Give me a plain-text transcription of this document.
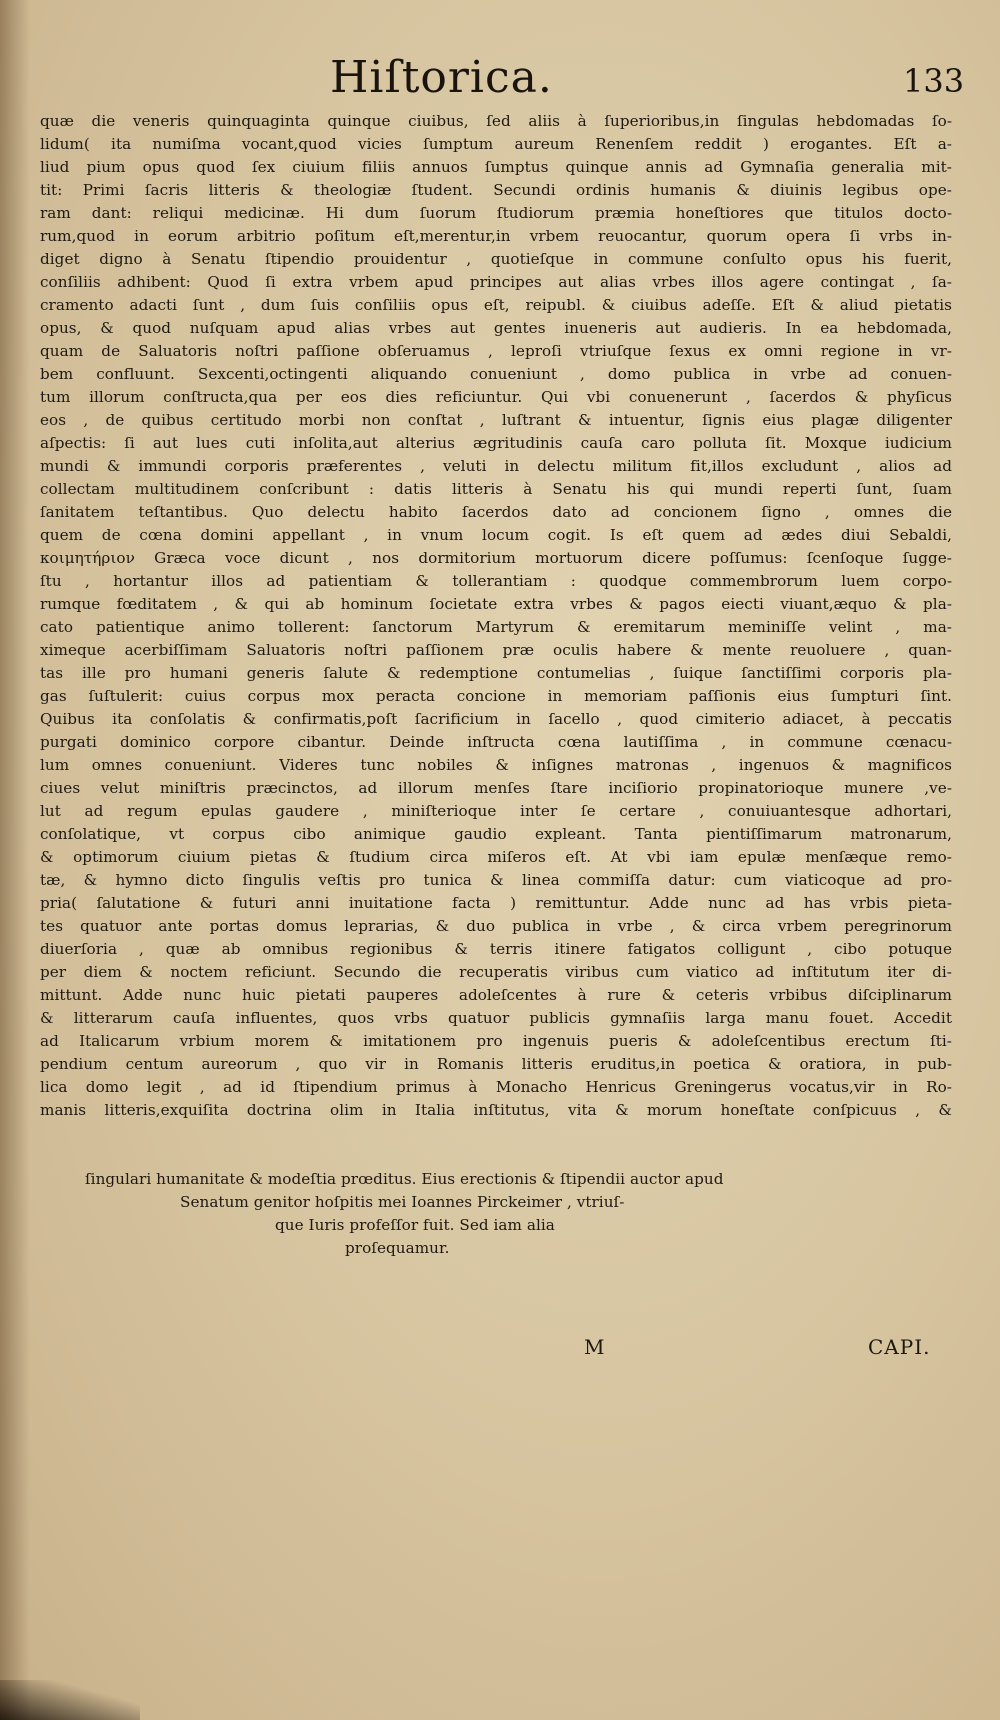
Hiſtorica.	133
quæ die veneris quinquaginta quinque ciuibus, ſed aliis à ſuperioribus,in ſingulas hebdomadas ſo-
lidum( ita numiſma vocant,quod vicies ſumptum aureum Renenſem reddit ) erogantes. Eſt a-
liud pium opus quod ſex ciuium filiis annuos ſumptus quinque annis ad Gymnaſia generalia mit-
tit: Primi ſacris litteris & theologiæ ſtudent. Secundi ordinis humanis & diuinis legibus ope-
ram dant: reliqui medicinæ. Hi dum ſuorum ſtudiorum præmia honeſtiores que titulos docto-
rum,quod in eorum arbitrio poſitum eſt,merentur,in vrbem reuocantur, quorum opera ſi vrbs in-
diget digno à Senatu ſtipendio prouidentur , quotieſque in commune conſulto opus his fuerit,
conſiliis adhibent: Quod ſi extra vrbem apud principes aut alias vrbes illos agere contingat , ſa-
cramento adacti ſunt , dum ſuis conſiliis opus eſt, reipubl. & ciuibus adeſſe. Eſt & aliud pietatis
opus, & quod nuſquam apud alias vrbes aut gentes inueneris aut audieris. In ea hebdomada,
quam de Saluatoris noſtri paſſione obſeruamus , leproſi vtriuſque ſexus ex omni regione in vr-
bem confluunt. Sexcenti,octingenti aliquando conueniunt , domo publica in vrbe ad conuen-
tum illorum conſtructa,qua per eos dies reficiuntur. Qui vbi conuenerunt , ſacerdos & phyſicus
eos , de quibus certitudo morbi non conſtat , luſtrant & intuentur, ſignis eius plagæ diligenter
aſpectis: ſi aut lues cuti inſolita,aut alterius ægritudinis cauſa caro polluta ſit. Moxque iudicium
mundi & immundi corporis præferentes , veluti in delectu militum fit,illos excludunt , alios ad
collectam multitudinem conſcribunt : datis litteris à Senatu his qui mundi reperti ſunt, ſuam
ſanitatem teſtantibus. Quo delectu habito ſacerdos dato ad concionem ſigno , omnes die
quem de cœna domini appellant , in vnum locum cogit. Is eſt quem ad ædes diui Sebaldi,
κοιμητήριον Græca voce dicunt , nos dormitorium mortuorum dicere poſſumus: ſcenſoque ſugge-
ſtu , hortantur illos ad patientiam & tollerantiam : quodque commembrorum luem corpo-
rumque fœditatem , & qui ab hominum ſocietate extra vrbes & pagos eiecti viuant,æquo & pla-
cato patientique animo tollerent: ſanctorum Martyrum & eremitarum meminiſſe velint , ma-
ximeque acerbiſſimam Saluatoris noſtri paſſionem præ oculis habere & mente reuoluere , quan-
tas ille pro humani generis ſalute & redemptione contumelias , ſuique ſanctiſſimi corporis pla-
gas ſuſtulerit: cuius corpus mox peracta concione in memoriam paſſionis eius ſumpturi ſint.
Quibus ita conſolatis & confirmatis,poſt ſacrificium in ſacello , quod cimiterio adiacet, à peccatis
purgati dominico corpore cibantur. Deinde inſtructa cœna lautiſſima , in commune cœnacu-
lum omnes conueniunt. Videres tunc nobiles & inſignes matronas , ingenuos & magnificos
ciues velut miniſtris præcinctos, ad illorum menſes ſtare inciſiorio propinatorioque munere ,ve-
lut ad regum epulas gaudere , miniſterioque inter ſe certare , conuiuantesque adhortari,
conſolatique, vt corpus cibo animique gaudio expleant. Tanta pientiſſimarum matronarum,
& optimorum ciuium pietas & ſtudium circa miſeros eſt. At vbi iam epulæ menſæque remo-
tæ, & hymno dicto ſingulis veſtis pro tunica & linea commiſſa datur: cum viaticoque ad pro-
pria( ſalutatione & futuri anni inuitatione facta ) remittuntur. Adde nunc ad has vrbis pieta-
tes quatuor ante portas domus leprarias, & duo publica in vrbe , & circa vrbem peregrinorum
diuerſoria , quæ ab omnibus regionibus & terris itinere fatigatos colligunt , cibo potuque
per diem & noctem reficiunt. Secundo die recuperatis viribus cum viatico ad inſtitutum iter di-
mittunt. Adde nunc huic pietati pauperes adoleſcentes à rure & ceteris vrbibus diſciplinarum
& litterarum cauſa influentes, quos vrbs quatuor publicis gymnaſiis larga manu fouet. Accedit
ad Italicarum vrbium morem & imitationem pro ingenuis pueris & adoleſcentibus erectum ſti-
pendium centum aureorum , quo vir in Romanis litteris eruditus,in poetica & oratiora, in pub-
lica domo legit , ad id ſtipendium primus à Monacho Henricus Greningerus vocatus,vir in Ro-
manis litteris,exquiſita doctrina olim in Italia inſtitutus, vita & morum honeſtate conſpicuus , &
ſingulari humanitate & modeſtia prœditus. Eius erectionis & ſtipendii auctor apud
Senatum genitor hoſpitis mei Ioannes Pirckeimer , vtriuſ-
que Iuris profeſſor fuit. Sed iam alia
proſequamur.
M	CAPI.
